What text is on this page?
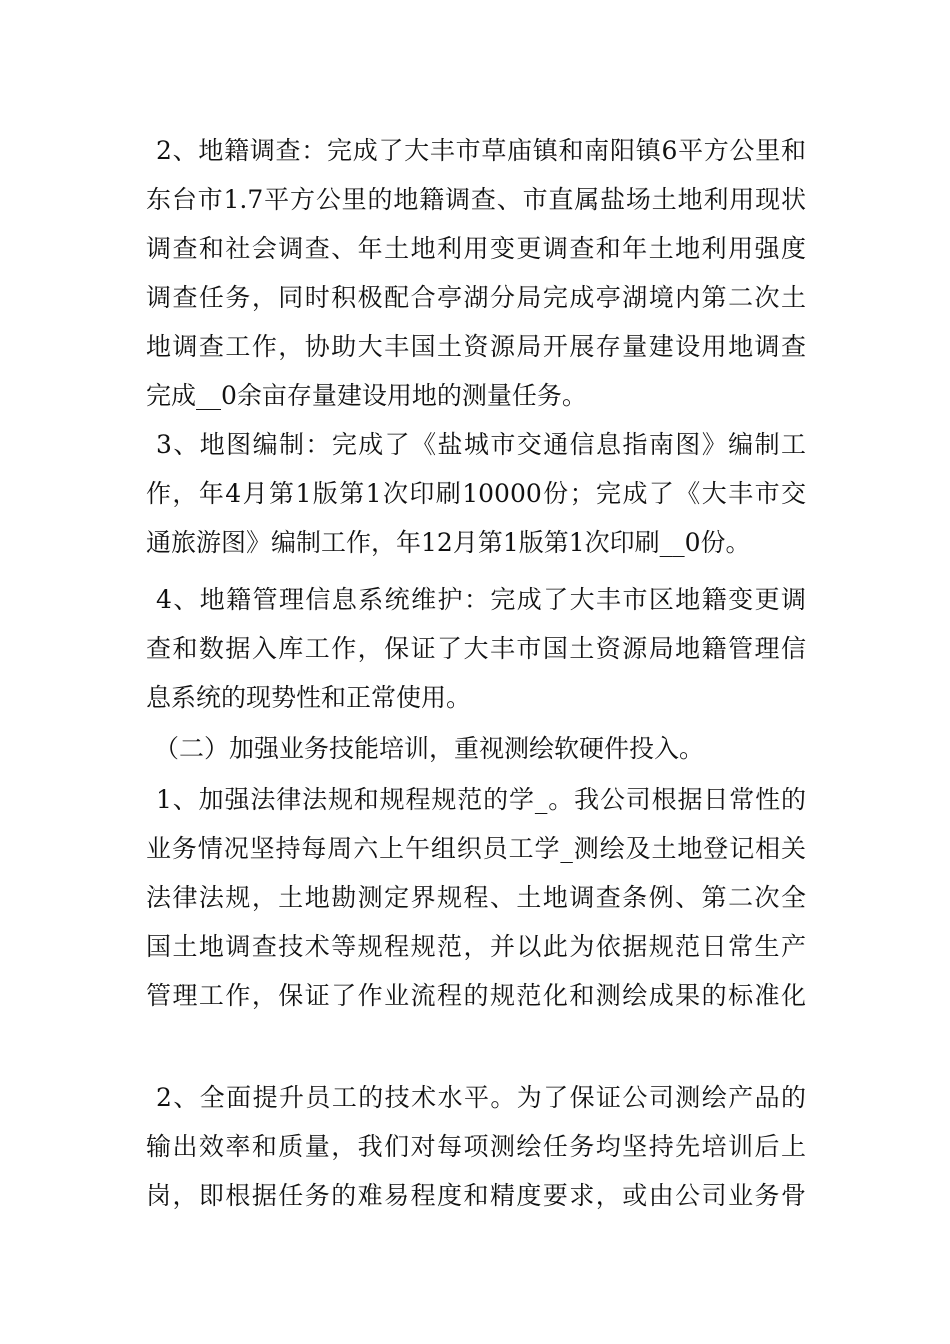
2、地籍调查：完成了大丰市草庙镇和南阳镇6平方公里和
东台市1.7平方公里的地籍调查、市直属盐场土地利用现状
调查和社会调查、年土地利用变更调查和年土地利用强度
调查任务，同时积极配合亭湖分局完成亭湖境内第二次土
地调查工作，协助大丰国土资源局开展存量建设用地调查
完成__0余亩存量建设用地的测量任务。
3、地图编制：完成了《盐城市交通信息指南图》编制工
作，年4月第1版第1次印刷10000份；完成了《大丰市交
通旅游图》编制工作，年12月第1版第1次印刷__0份。
4、地籍管理信息系统维护：完成了大丰市区地籍变更调
查和数据入库工作，保证了大丰市国土资源局地籍管理信
息系统的现势性和正常使用。
（二）加强业务技能培训，重视测绘软硬件投入。
1、加强法律法规和规程规范的学_。我公司根据日常性的
业务情况坚持每周六上午组织员工学_测绘及土地登记相关
法律法规，土地勘测定界规程、土地调查条例、第二次全
国土地调查技术等规程规范，并以此为依据规范日常生产
管理工作，保证了作业流程的规范化和测绘成果的标准化
2、全面提升员工的技术水平。为了保证公司测绘产品的
输出效率和质量，我们对每项测绘任务均坚持先培训后上
岗，即根据任务的难易程度和精度要求，或由公司业务骨
